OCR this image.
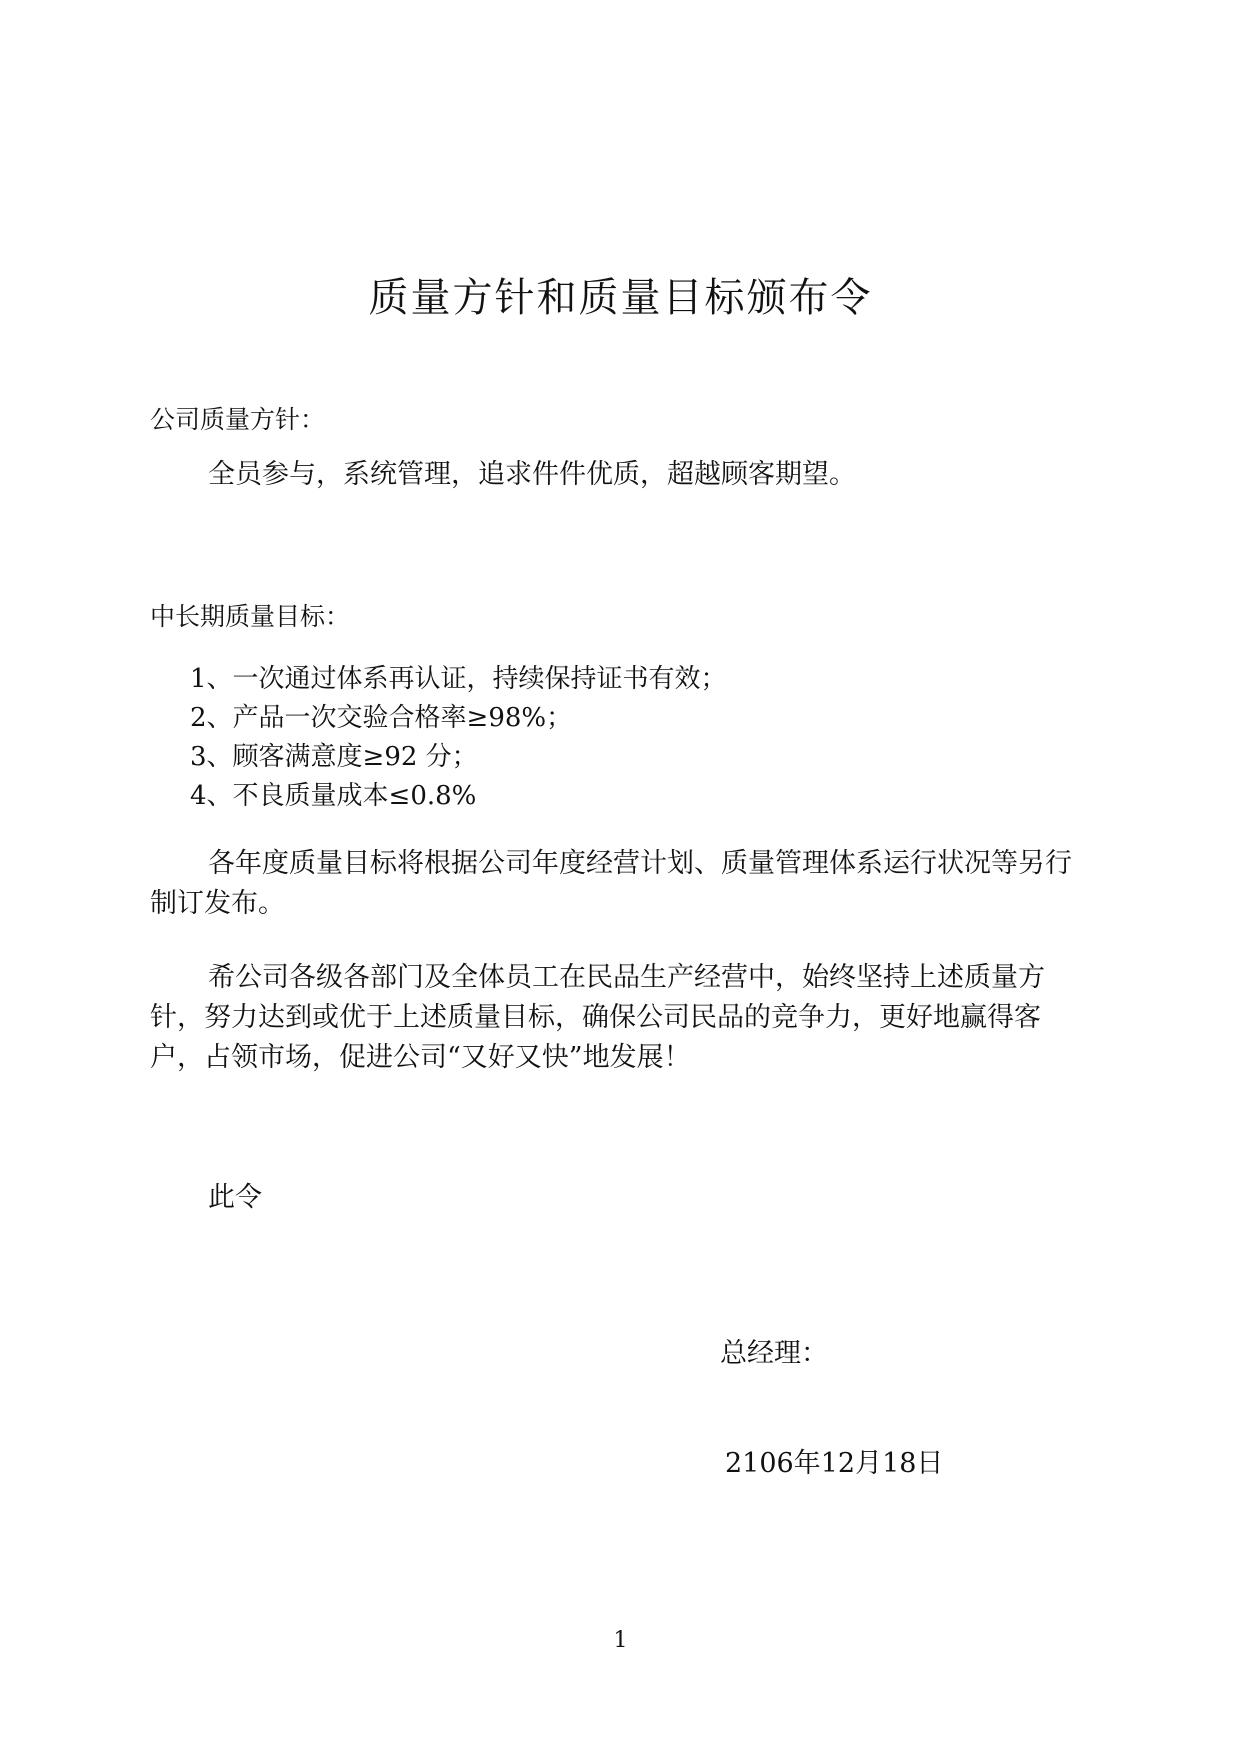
质量方针和质量目标颁布令
公司质量方针：

全员参与，系统管理，追求件件优质，超越顾客期望。

中长期质量目标：
1、一次通过体系再认证，持续保持证书有效；
2、产品一次交验合格率≥98%；
3、顾客满意度≥92 分；
4、不良质量成本≤0.8%

各年度质量目标将根据公司年度经营计划、质量管理体系运行状况等另行制订发布。

希公司各级各部门及全体员工在民品生产经营中，始终坚持上述质量方针，努力达到或优于上述质量目标，确保公司民品的竞争力，更好地赢得客户，占领市场，促进公司“又好又快”地发展！

此令
总经理：
2106年12月18日
1
